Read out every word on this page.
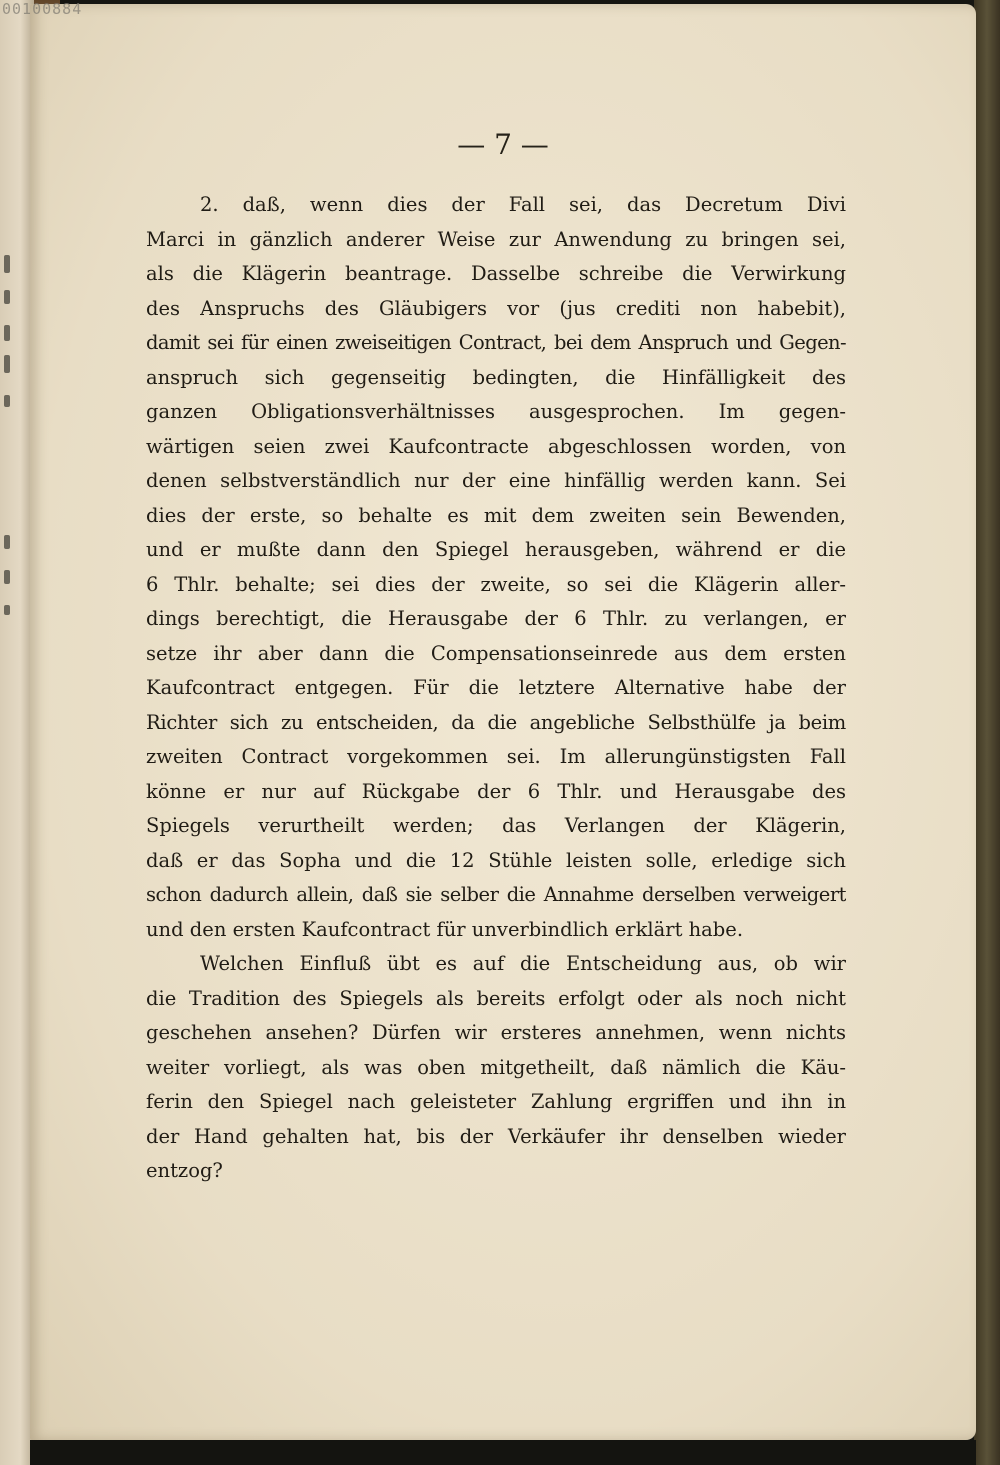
— 7 —
2. daß, wenn dies der Fall sei, das Decretum Divi
Marci in gänzlich anderer Weise zur Anwendung zu bringen sei,
als die Klägerin beantrage. Dasselbe schreibe die Verwirkung
des Anspruchs des Gläubigers vor (jus crediti non habebit),
damit sei für einen zweiseitigen Contract, bei dem Anspruch und Gegen-
anspruch sich gegenseitig bedingten, die Hinfälligkeit des
ganzen Obligationsverhältnisses ausgesprochen. Im gegen-
wärtigen seien zwei Kaufcontracte abgeschlossen worden, von
denen selbstverständlich nur der eine hinfällig werden kann. Sei
dies der erste, so behalte es mit dem zweiten sein Bewenden,
und er mußte dann den Spiegel herausgeben, während er die
6 Thlr. behalte; sei dies der zweite, so sei die Klägerin aller-
dings berechtigt, die Herausgabe der 6 Thlr. zu verlangen, er
setze ihr aber dann die Compensationseinrede aus dem ersten
Kaufcontract entgegen. Für die letztere Alternative habe der
Richter sich zu entscheiden, da die angebliche Selbsthülfe ja beim
zweiten Contract vorgekommen sei. Im allerungünstigsten Fall
könne er nur auf Rückgabe der 6 Thlr. und Herausgabe des
Spiegels verurtheilt werden; das Verlangen der Klägerin,
daß er das Sopha und die 12 Stühle leisten solle, erledige sich
schon dadurch allein, daß sie selber die Annahme derselben verweigert
und den ersten Kaufcontract für unverbindlich erklärt habe.
Welchen Einfluß übt es auf die Entscheidung aus, ob wir
die Tradition des Spiegels als bereits erfolgt oder als noch nicht
geschehen ansehen? Dürfen wir ersteres annehmen, wenn nichts
weiter vorliegt, als was oben mitgetheilt, daß nämlich die Käu-
ferin den Spiegel nach geleisteter Zahlung ergriffen und ihn in
der Hand gehalten hat, bis der Verkäufer ihr denselben wieder
entzog?
00100884
